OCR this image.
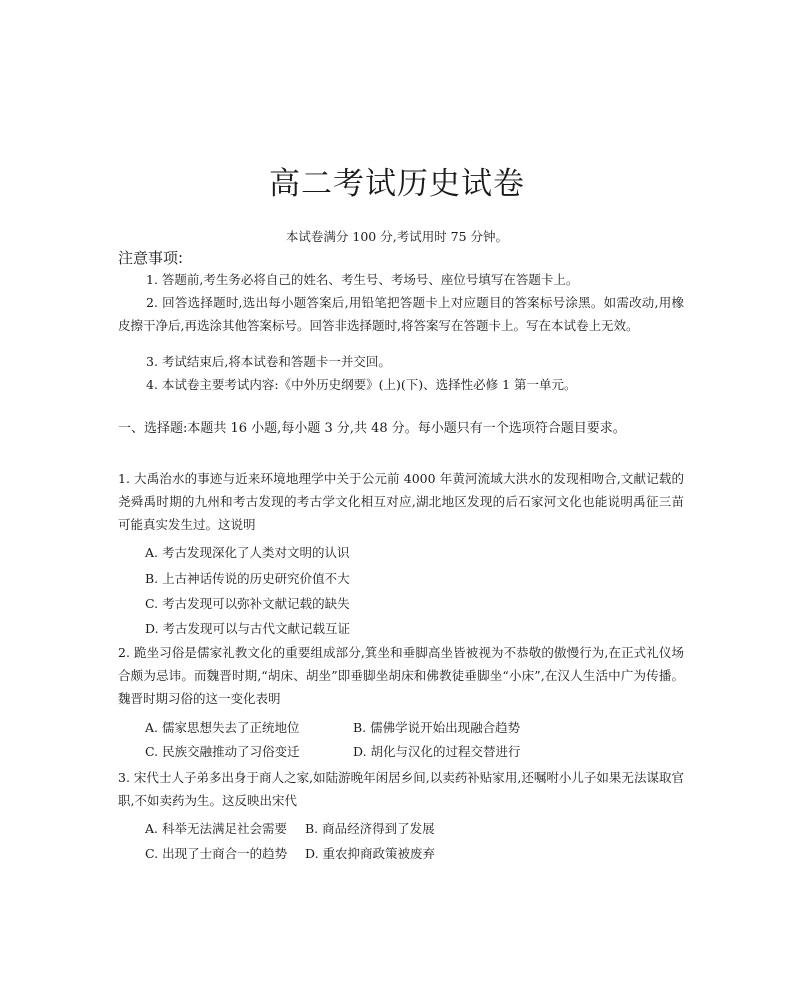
高二考试历史试卷
本试卷满分 100 分,考试用时 75 分钟。
注意事项:
1. 答题前,考生务必将自己的姓名、考生号、考场号、座位号填写在答题卡上。
2. 回答选择题时,选出每小题答案后,用铅笔把答题卡上对应题目的答案标号涂黑。如需改动,用橡皮擦干净后,再选涂其他答案标号。回答非选择题时,将答案写在答题卡上。写在本试卷上无效。
3. 考试结束后,将本试卷和答题卡一并交回。
4. 本试卷主要考试内容:《中外历史纲要》(上)(下)、选择性必修 1 第一单元。
一、选择题:本题共 16 小题,每小题 3 分,共 48 分。每小题只有一个选项符合题目要求。
1. 大禹治水的事迹与近来环境地理学中关于公元前 4000 年黄河流域大洪水的发现相吻合,文献记载的尧舜禹时期的九州和考古发现的考古学文化相互对应,湖北地区发现的后石家河文化也能说明禹征三苗可能真实发生过。这说明
A. 考古发现深化了人类对文明的认识
B. 上古神话传说的历史研究价值不大
C. 考古发现可以弥补文献记载的缺失
D. 考古发现可以与古代文献记载互证
2. 跪坐习俗是儒家礼教文化的重要组成部分,箕坐和垂脚高坐皆被视为不恭敬的傲慢行为,在正式礼仪场合颇为忌讳。而魏晋时期,“胡床、胡坐”即垂脚坐胡床和佛教徒垂脚坐“小床”,在汉人生活中广为传播。魏晋时期习俗的这一变化表明
A. 儒家思想失去了正统地位	B. 儒佛学说开始出现融合趋势
C. 民族交融推动了习俗变迁	D. 胡化与汉化的过程交替进行
3. 宋代士人子弟多出身于商人之家,如陆游晚年闲居乡间,以卖药补贴家用,还嘱咐小儿子如果无法谋取官职,不如卖药为生。这反映出宋代
A. 科举无法满足社会需要 B. 商品经济得到了发展
C. 出现了士商合一的趋势 D. 重农抑商政策被废弃
